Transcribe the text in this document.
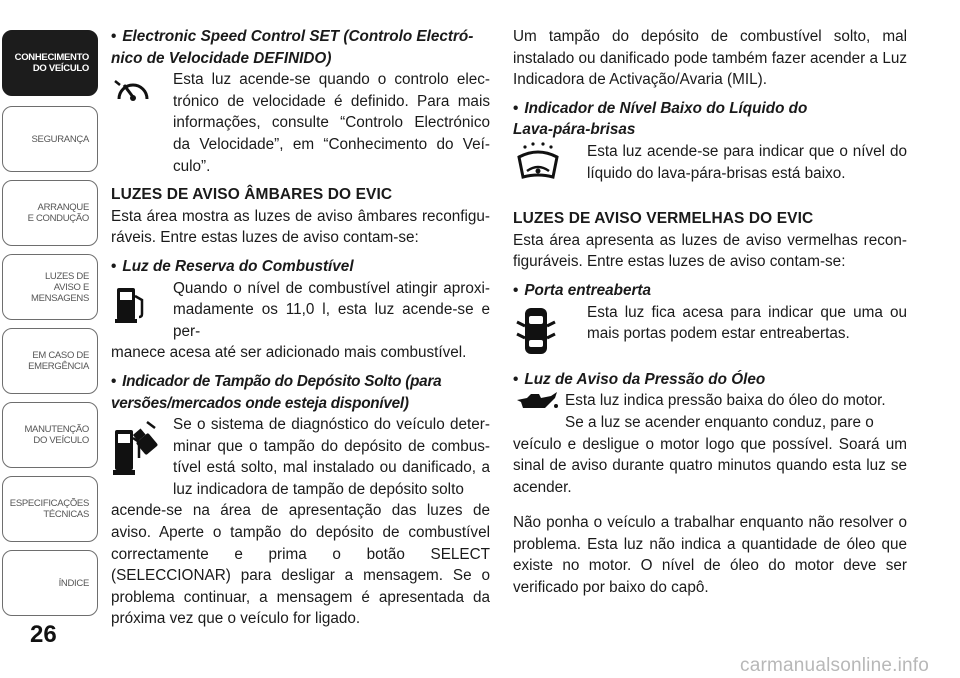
CONHECIMENTO
DO VEÍCULO
SEGURANÇA
ARRANQUE
E CONDUÇÃO
LUZES DE
AVISO E
MENSAGENS
EM CASO DE
EMERGÊNCIA
MANUTENÇÃO
DO VEÍCULO
ESPECIFICAÇÕES
TÉCNICAS
ÍNDICE
26

• Electronic Speed Control SET (Controlo Electró-
nico de Velocidade DEFINIDO)

Esta luz acende-se quando o controlo electrónico de velocidade é definido. Para mais informações, consulte “Controlo Electrónico da Velocidade”, em “Conhecimento do Veículo”.

LUZES DE AVISO ÂMBARES DO EVIC

Esta área mostra as luzes de aviso âmbares reconfiguráveis. Entre estas luzes de aviso contam-se:

• Luz de Reserva do Combustível

Quando o nível de combustível atingir aproximadamente os 11,0 l, esta luz acende-se e per-

manece acesa até ser adicionado mais combustível.

• Indicador de Tampão do Depósito Solto (para
versões/mercados onde esteja disponível)

Se o sistema de diagnóstico do veículo determinar que o tampão do depósito de combustível está solto, mal instalado ou danificado, a luz indicadora de tampão de depósito solto

acende-se na área de apresentação das luzes de aviso. Aperte o tampão do depósito de combustível correctamente e prima o botão SELECT (SELECCIONAR) para desligar a mensagem. Se o problema continuar, a mensagem é apresentada da próxima vez que o veículo for ligado.

Um tampão do depósito de combustível solto, mal instalado ou danificado pode também fazer acender a Luz Indicadora de Activação/Avaria (MIL).

• Indicador de Nível Baixo do Líquido do
Lava-pára-brisas

Esta luz acende-se para indicar que o nível do líquido do lava-pára-brisas está baixo.

LUZES DE AVISO VERMELHAS DO EVIC

Esta área apresenta as luzes de aviso vermelhas reconfiguráveis. Entre estas luzes de aviso contam-se:

• Porta entreaberta

Esta luz fica acesa para indicar que uma ou mais portas podem estar entreabertas.

• Luz de Aviso da Pressão do Óleo

Esta luz indica pressão baixa do óleo do motor.

Se a luz se acender enquanto conduz, pare o

veículo e desligue o motor logo que possível. Soará um sinal de aviso durante quatro minutos quando esta luz se acender.

Não ponha o veículo a trabalhar enquanto não resolver o problema. Esta luz não indica a quantidade de óleo que existe no motor. O nível de óleo do motor deve ser verificado por baixo do capô.

carmanualsonline.info
